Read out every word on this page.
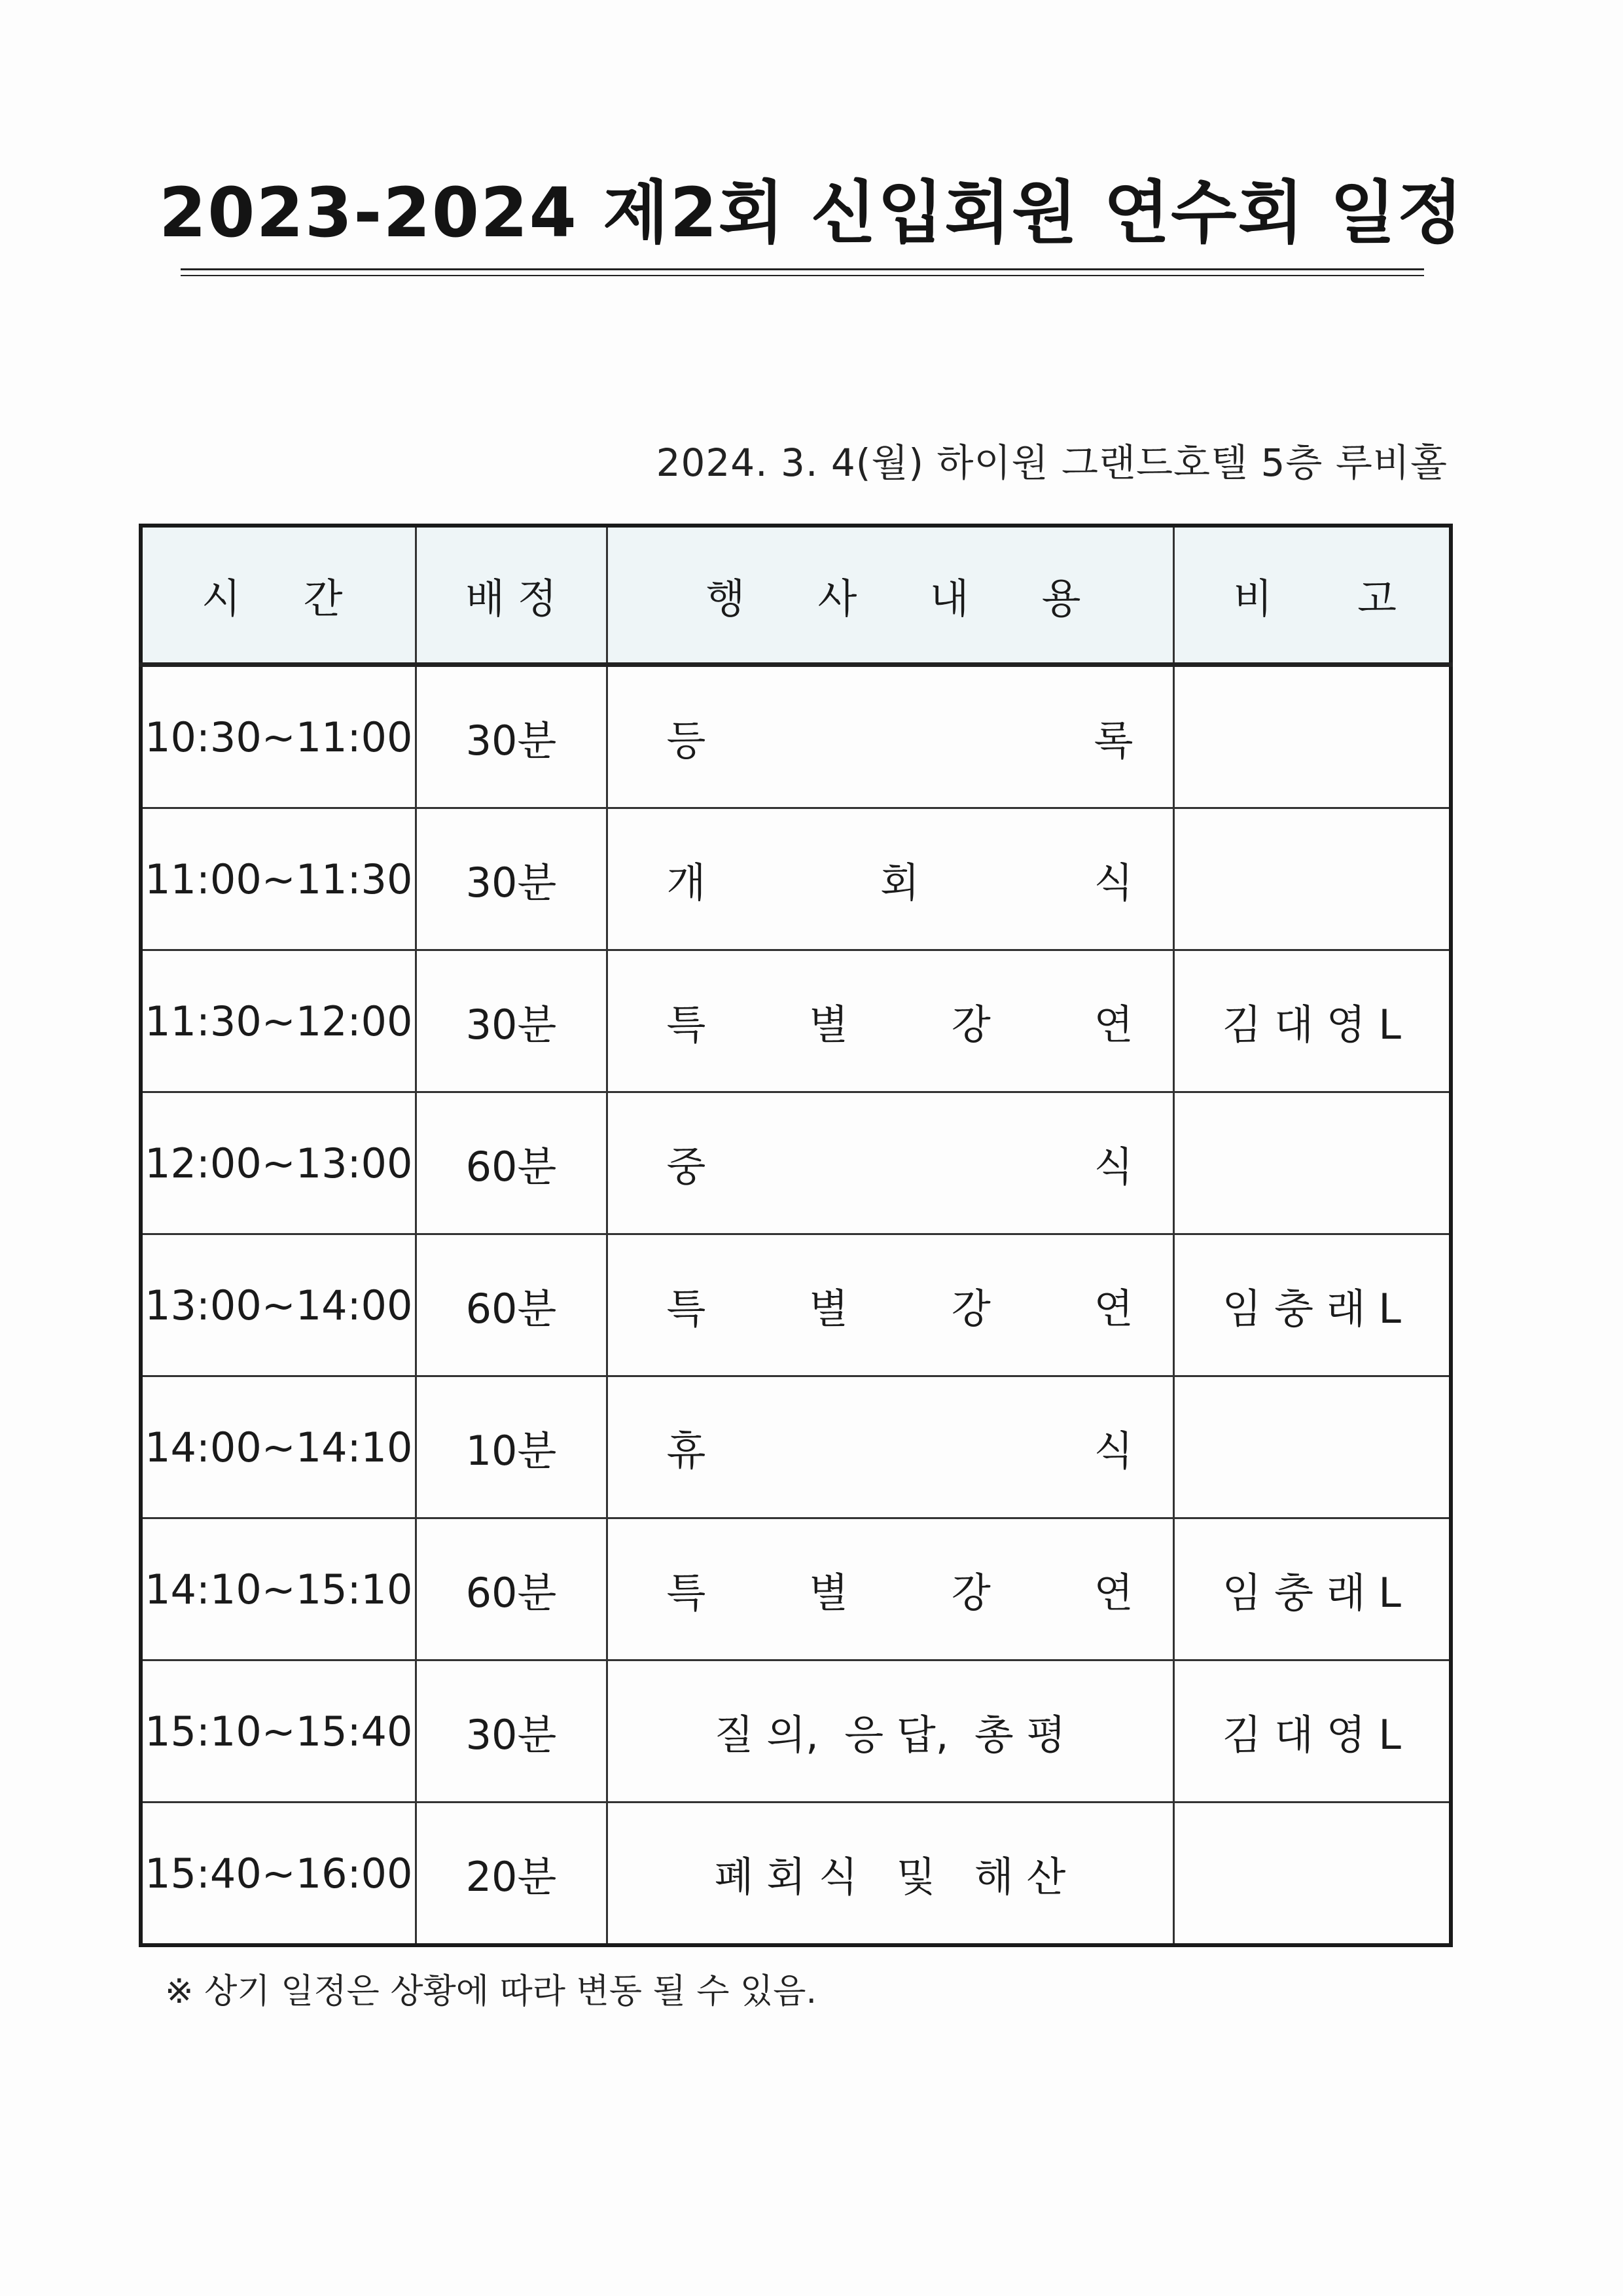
2023-2024 제2회 신입회원 연수회 일정
2024. 3. 4(월) 하이원 그랜드호텔 5층 루비홀
시 간	배 정	행 사 내 용	비 고

10:30~11:00	30분	등 록	

11:00~11:30	30분	개 회 식	

11:30~12:00	30분	특 별 강 연	김 대 영 L
12:00~13:00	60분	중 식	

13:00~14:00	60분	특 별 강 연	임 충 래 L
14:00~14:10	10분	휴 식	

14:10~15:10	60분	특 별 강 연	임 충 래 L
15:10~15:40	30분	질 의,  응 답,  총 평	김 대 영 L
15:40~16:00	20분	폐 회 식   및   해 산	
※ 상기 일정은 상황에 따라 변동 될 수 있음.
